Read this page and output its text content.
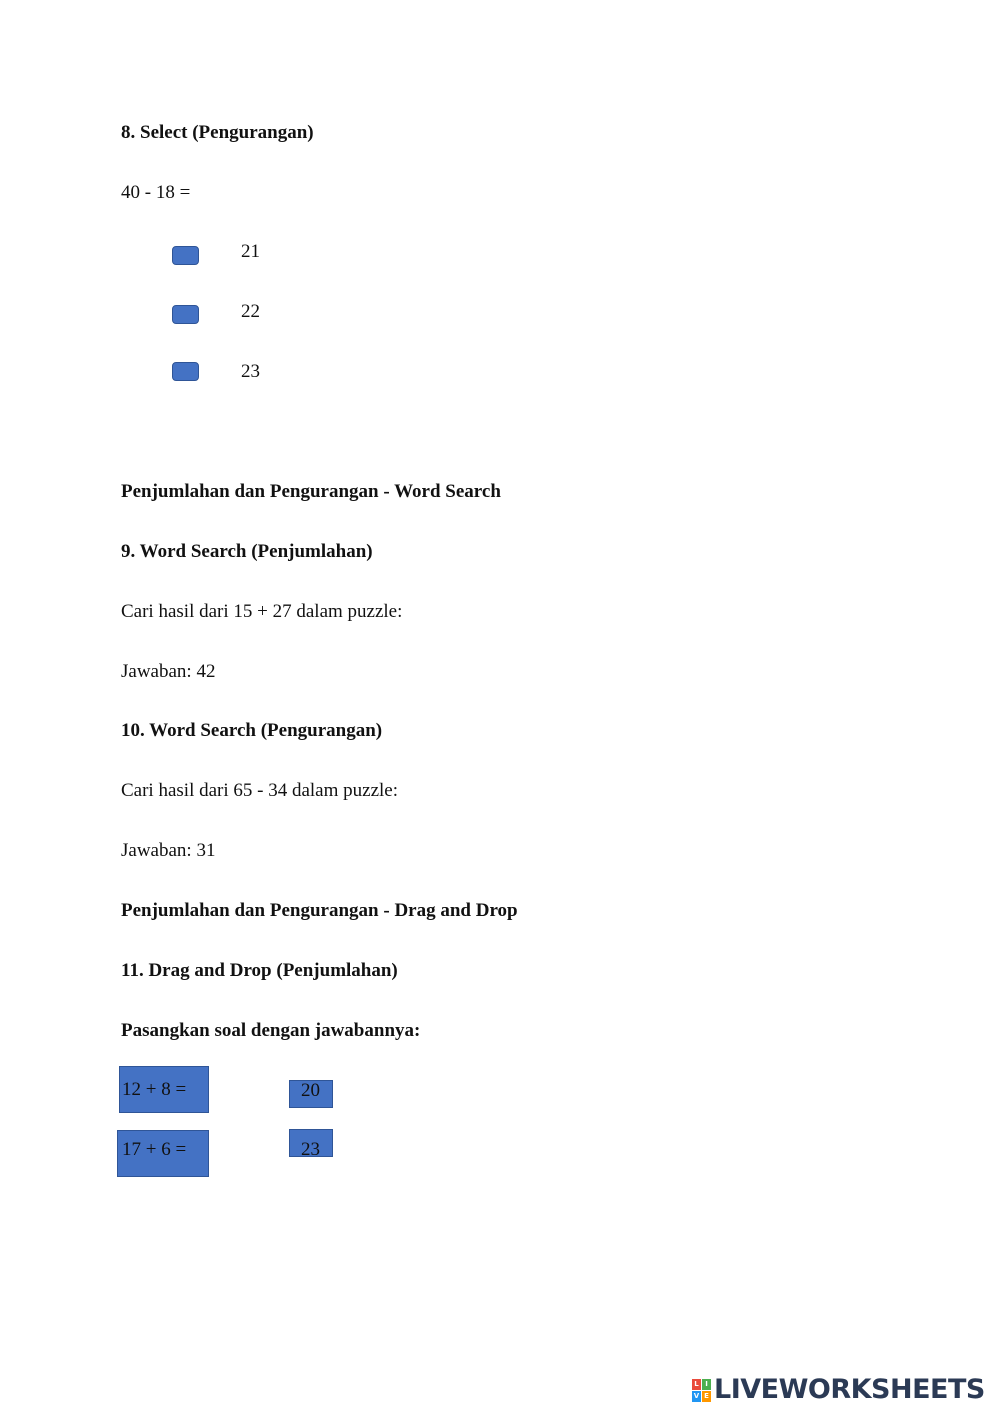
8. Select (Pengurangan)
40 - 18 =
21
22
23
Penjumlahan dan Pengurangan - Word Search
9. Word Search (Penjumlahan)
Cari hasil dari 15 + 27 dalam puzzle:
Jawaban: 42
10. Word Search (Pengurangan)
Cari hasil dari 65 - 34 dalam puzzle:
Jawaban: 31
Penjumlahan dan Pengurangan - Drag and Drop
11. Drag and Drop (Penjumlahan)
Pasangkan soal dengan jawabannya:
12 + 8 =	20
17 + 6 =	23
L I
V E LIVEWORKSHEETS
